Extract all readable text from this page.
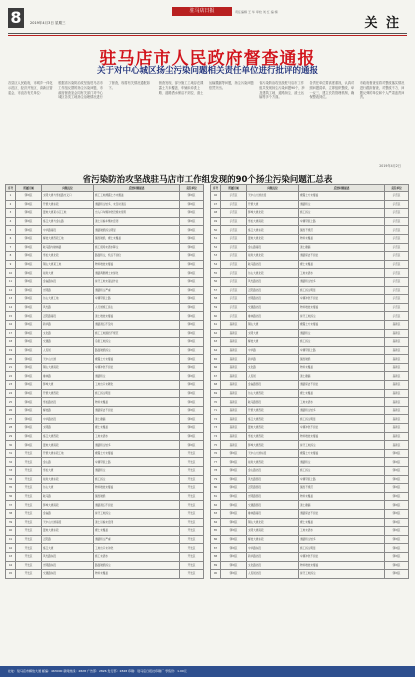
8	驻马店日报	责任编辑 王 华 审校 刘 红 编 辑
2019年4月3日 星期三	关 注
驻马店市人民政府督查通报
关于对中心城区扬尘污染问题相关责任单位进行批评的通报

各县区人民政府，市城乡一体化示范区、经济开发区、高新区管委会，市直各有关单位：

根据省污染防治攻坚战驻马店市工作组反馈的扬尘污染问题，市政府督查室会同有关部门对中心城区各类工地扬尘治理情况进行了督查，现将有关情况通报如下。

督查发现，部分施工工地存在裸露土方未覆盖、车辆未冲洗上路、道路洒水保洁不到位、渣土运输撒漏等问题，扬尘污染问题依然突出。

省污染防治攻坚战驻马店市工作组共发现扬尘污染问题90个，涉及建筑工地、道路扬尘、渣土运输等多个方面。

各责任单位要高度重视，认真对照问题清单，立即组织整改，举一反三，建立长效管理机制，确保整改到位。

市政府督查室将对整改落实情况进行跟踪督查，对整改不力、问题反弹的单位和个人严肃追责问责。

2019年4月2日
省污染防治攻坚战驻马店市工作组发现的90个扬尘污染问题汇总表
序号	所属区域	问题点位	反馈问题描述	责任单位
1	驿城区	文明大道与雪松路交叉口	施工工地裸露土方未覆盖	驿城区
2	驿城区	开源大道东段	道路积尘较多，未及时清扫	驿城区
3	驿城区	置地大道某小区工地	出入口车辆冲洗设施未使用	驿城区
4	驿城区	练江大道与金山路	渣土运输车辆未密闭	驿城区
5	驿城区	中华路南段	道路破损扬尘明显	驿城区
6	驿城区	解放大道西段工地	围挡破损，裸土未覆盖	驿城区
7	驿城区	骏马路与橡林路	施工现场未洒水降尘	驿城区
8	驿城区	雪松大道北段	路面积尘，机扫不到位	驿城区
9	驿城区	铜山大道某工地	物料堆放未覆盖	驿城区
10	驿城区	前进大道	道路两侧裸土未绿化	驿城区
11	驿城区	金雀路东段	拆迁工地未湿法作业	驿城区
12	驿城区	光明路	道路积尘严重	驿城区
13	驿城区	乐山大道工地	车辆带泥上路	驿城区
14	驿城区	风光路	人行道施工扬尘	驿城区
15	驿城区	正阳路南段	渣土堆放未覆盖	驿城区
16	驿城区	新华路	道路清扫不及时	驿城区
17	驿城区	文化路	施工工地围挡不规范	驿城区
18	驿城区	交通路	沿街工地扬尘	驿城区
19	驿城区	人民街	路面破损扬尘	驿城区
20	驿城区	天中山大道	裸露土方未覆盖	驿城区
21	驿城区	铜山大道南段	车辆冲洗不到位	驿城区
22	驿城区	橡林路	道路积尘	驿城区
23	驿城区	驿城大道	工地出口未硬化	驿城区
24	驿城区	开源大道西段	施工扬尘明显	驿城区
25	驿城区	雪松路北段	物料未覆盖	驿城区
26	驿城区	解放路	道路保洁不到位	驿城区
27	驿城区	中华路北段	渣土撒漏	驿城区
28	驿城区	文明路	裸土未覆盖	驿城区
29	驿城区	练江大道西段	工地未洒水	驿城区
30	驿城区	置地大道南段	道路积尘较多	驿城区
31	开发区	开源大道东段工地	裸露土方未覆盖	开发区
32	开发区	金山路	车辆带泥上路	开发区
33	开发区	雪松大道	道路积尘	开发区
34	开发区	前进大道东段	施工扬尘	开发区
35	开发区	乐山大道	物料堆放未覆盖	开发区
36	开发区	骏马路	围挡破损	开发区
37	开发区	驿城大道南段	道路清扫不到位	开发区
38	开发区	金雀路	拆迁工地扬尘	开发区
39	开发区	天中山大道南段	渣土运输未密闭	开发区
40	开发区	置地大道东段	裸土未覆盖	开发区
41	开发区	正阳路	道路积尘严重	开发区
42	开发区	练江大道	工地出口未冲洗	开发区
43	开发区	风光路东段	施工未洒水	开发区
44	开发区	光明路东段	路面破损扬尘	开发区
45	开发区	交通路东段	物料未覆盖	开发区
序号	所属区域	问题点位	反馈问题描述	责任单位
46	示范区	天中山大道北段	裸露土方未覆盖	示范区
47	示范区	开源大道	道路积尘	示范区
48	示范区	驿城大道北段	施工扬尘	示范区
49	示范区	雪松大道南段	车辆带泥上路	示范区
50	示范区	练江大道东段	围挡不规范	示范区
51	示范区	置地大道北段	物料未覆盖	示范区
52	示范区	金山路南段	渣土撒漏	示范区
53	示范区	前进大道北段	道路保洁不到位	示范区
54	示范区	骏马路北段	裸土未覆盖	示范区
55	示范区	乐山大道北段	工地未洒水	示范区
56	示范区	风光路北段	道路积尘较多	示范区
57	示范区	正阳路北段	施工扬尘明显	示范区
58	示范区	光明路北段	车辆冲洗不到位	示范区
59	示范区	交通路北段	物料堆放未覆盖	示范区
60	示范区	橡林路北段	拆迁工地扬尘	示范区
61	高新区	铜山大道	裸露土方未覆盖	高新区
62	高新区	文明大道	道路积尘	高新区
63	高新区	解放大道	施工扬尘	高新区
64	高新区	中华路	车辆带泥上路	高新区
65	高新区	新华路	围挡破损	高新区
66	高新区	文化路	物料未覆盖	高新区
67	高新区	人民街	渣土撒漏	高新区
68	高新区	金雀路西段	道路保洁不到位	高新区
69	高新区	乐山大道西段	裸土未覆盖	高新区
70	高新区	骏马路西段	工地未洒水	高新区
71	高新区	开源大道西段	道路积尘较多	高新区
72	高新区	练江大道西段	施工扬尘明显	高新区
73	高新区	置地大道西段	车辆冲洗不到位	高新区
74	高新区	雪松大道西段	物料堆放未覆盖	高新区
75	高新区	驿城大道西段	拆迁工地扬尘	高新区
76	驿城区	天中山大道东段	裸露土方未覆盖	驿城区
77	驿城区	前进大道西段	道路积尘	驿城区
78	驿城区	金山路北段	施工扬尘	驿城区
79	驿城区	风光路西段	车辆带泥上路	驿城区
80	驿城区	正阳路西段	围挡不规范	驿城区
81	驿城区	光明路西段	物料未覆盖	驿城区
82	驿城区	交通路西段	渣土撒漏	驿城区
83	驿城区	橡林路南段	道路保洁不到位	驿城区
84	驿城区	铜山大道北段	裸土未覆盖	驿城区
85	驿城区	文明大道南段	工地未洒水	驿城区
86	驿城区	解放大道东段	道路积尘较多	驿城区
87	驿城区	中华路东段	施工扬尘明显	驿城区
88	驿城区	新华路北段	车辆冲洗不到位	驿城区
89	驿城区	文化路北段	物料堆放未覆盖	驿城区
90	驿城区	人民街北段	拆迁工地扬尘	驿城区
社址：驻马店市解放大道 邮编：463000 新闻热线：2828 广告部：2826 发行部：2828 印刷：驻马店日报社印刷厂 零售价：1.00元
